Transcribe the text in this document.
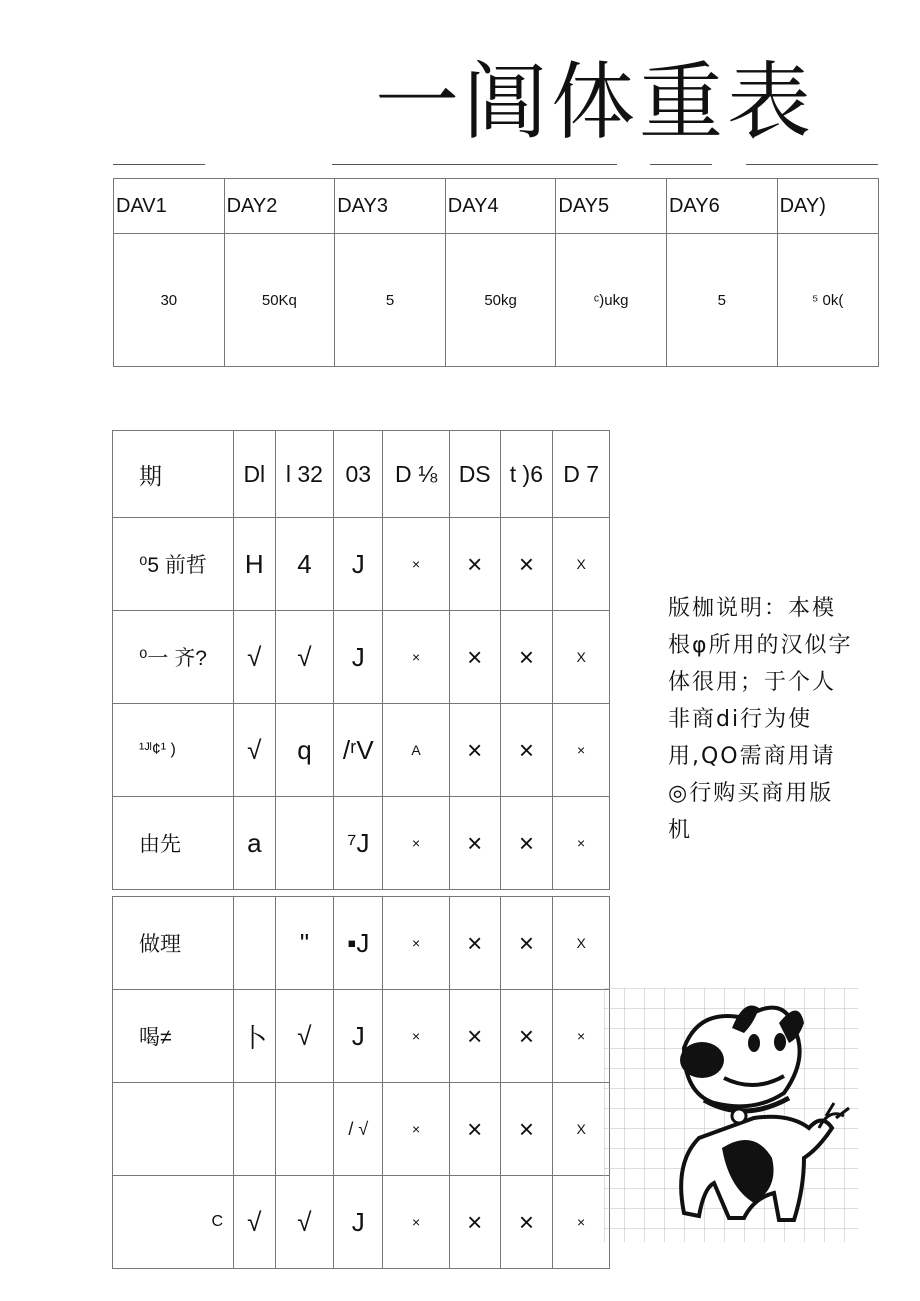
一阊体重表
DAV1	DAY2	DAY3	DAY4	DAY5	DAY6	DAY)
30	50Kq	5	50kg	ᶜ)ukg	5	⁵ 0k(
期	Dl	l 32	03	D ⅛	DS	t )6	D 7
⁰5 前哲	H	4	J	×	×	×	X
⁰一 齐?	√	√	J	×	×	×	X
¹ᴶˡ¢¹ )	√	q	/ʳV	A	×	×	×
由先	a		⁷J	×	×	×	×

做理		"	▪J	×	×	×	X
喝≠	卜	√	J	×	×	×	×
			/ √	×	×	×	X
C	√	√	J	×	×	×	×
版枷说明：本模根φ所用的汉似字体很用；于个人非商di行为使用,QO需商用请◎行购买商用版机
